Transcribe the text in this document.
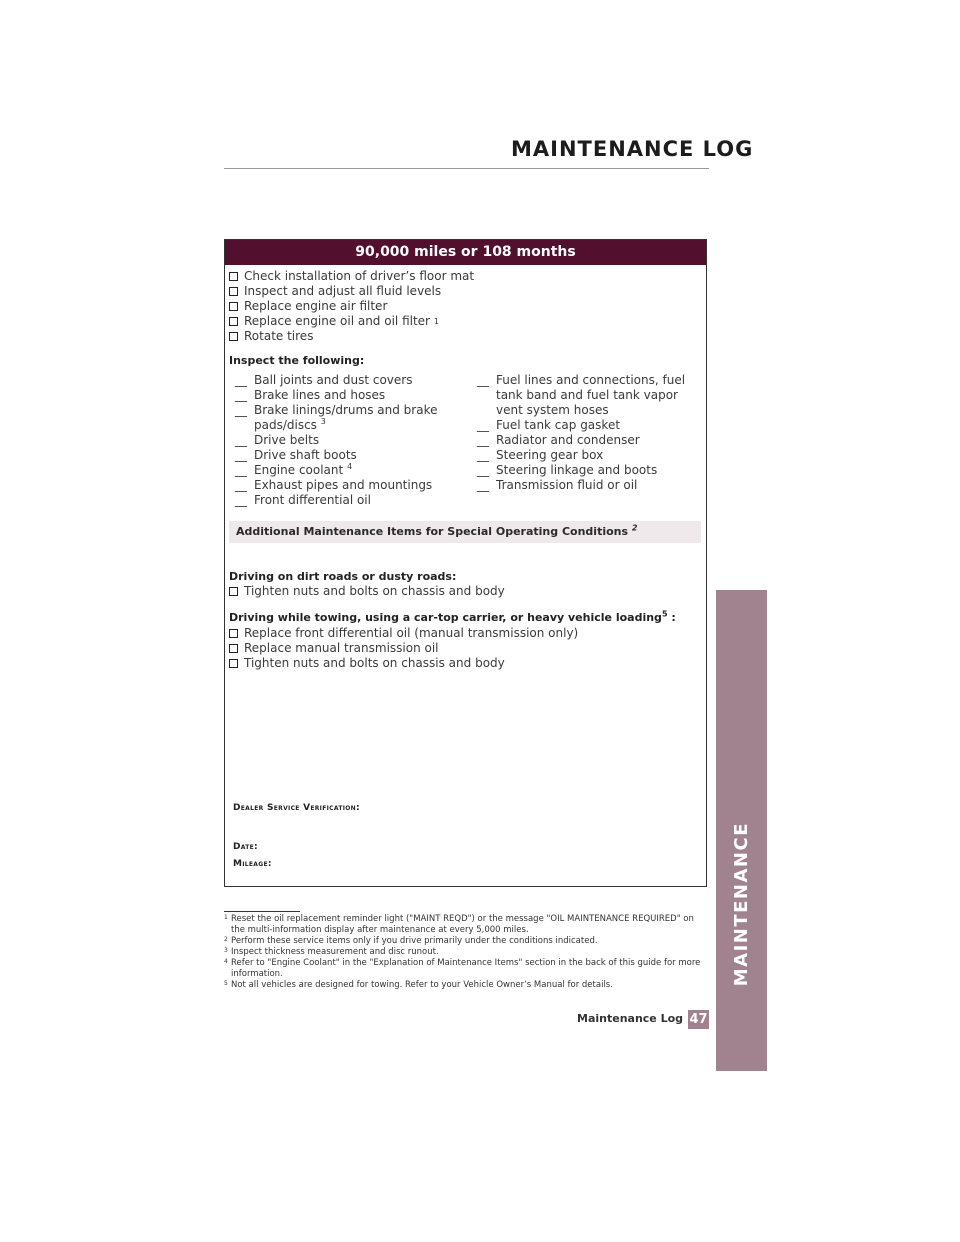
MAINTENANCE LOG
90,000 miles or 108 months
Check installation of driver’s floor mat
Inspect and adjust all fluid levels
Replace engine air filter
Replace engine oil and oil filter
1
Rotate tires
Inspect the following:
__ Ball joints and dust covers
__ Brake lines and hoses
__ Brake linings/drums and brake pads/discs $^3$
__ Drive belts
__ Drive shaft boots
__ Engine coolant $^4$
__ Exhaust pipes and mountings
__ Front differential oil
__ Fuel lines and connections, fuel tank band and fuel tank vapor vent system hoses
__ Fuel tank cap gasket
__ Radiator and condenser
__ Steering gear box
__ Steering linkage and boots
__ Transmission fluid or oil
Additional Maintenance Items for Special Operating Conditions $^2$
Driving on dirt roads or dusty roads:
Tighten nuts and bolts on chassis and body
Driving while towing, using a car-top carrier, or heavy vehicle loading$^5$ :
Replace front differential oil (manual transmission only)
Replace manual transmission oil
Tighten nuts and bolts on chassis and body
Dealer Service Verification:
Date:
Mileage:
1 Reset the oil replacement reminder light ("MAINT REQD") or the message "OIL MAINTENANCE REQUIRED" on the multi-information display after maintenance at every 5,000 miles.
2 Perform these service items only if you drive primarily under the conditions indicated.
3 Inspect thickness measurement and disc runout.
4 Refer to "Engine Coolant" in the "Explanation of Maintenance Items" section in the back of this guide for more information.
5 Not all vehicles are designed for towing. Refer to your Vehicle Owner’s Manual for details.
Maintenance Log 47
MAINTENANCE
